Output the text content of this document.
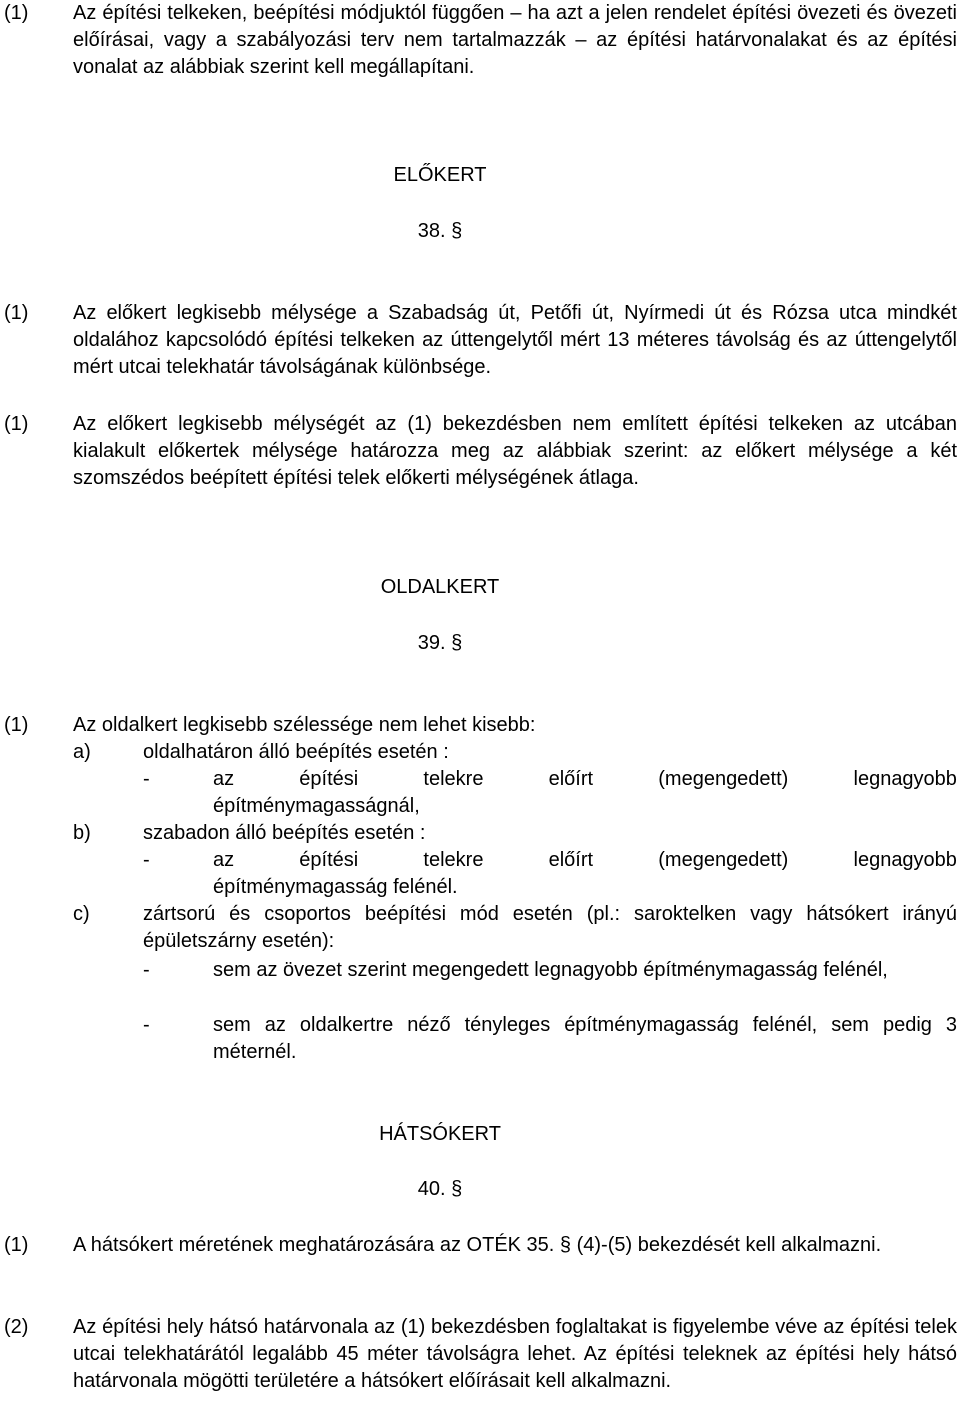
(1)	Az építési telkeken, beépítési módjuktól függően – ha azt a jelen rendelet építési övezeti és övezeti előírásai, vagy a szabályozási terv nem tartalmazzák – az építési határvonalakat és az építési vonalat az alábbiak szerint kell megállapítani.
ELŐKERT
38. §
(1)	Az előkert legkisebb mélysége a Szabadság út, Petőfi út, Nyírmedi út és Rózsa utca mindkét oldalához kapcsolódó építési telkeken az úttengelytől mért 13 méteres távolság és az úttengelytől mért utcai telekhatár távolságának különbsége.
(1)	Az előkert legkisebb mélységét az (1) bekezdésben nem említett építési telkeken az utcában kialakult előkertek mélysége határozza meg az alábbiak szerint: az előkert mélysége a két szomszédos beépített építési telek előkerti mélységének átlaga.
OLDALKERT
39. §
(1)	Az oldalkert legkisebb szélessége nem lehet kisebb:
a)	oldalhatáron álló beépítés esetén :
-	az	építési	telekre	előírt	(megengedett)	legnagyobb
építménymagasságnál,
b)	szabadon álló beépítés esetén :
-	az	építési	telekre	előírt	(megengedett)	legnagyobb
építménymagasság felénél.
c)	zártsorú és csoportos beépítési mód esetén (pl.: saroktelken vagy hátsókert irányú épületszárny esetén):
-	sem az övezet szerint megengedett legnagyobb építménymagasság felénél,
-	sem az oldalkertre néző tényleges építménymagasság felénél, sem pedig 3 méternél.
HÁTSÓKERT
40. §
(1)	A hátsókert méretének meghatározására az OTÉK 35. § (4)-(5) bekezdését kell alkalmazni.
(2)	Az építési hely hátsó határvonala az (1) bekezdésben foglaltakat is figyelembe véve az építési telek utcai telekhatárától legalább 45 méter távolságra lehet. Az építési teleknek az építési hely hátsó határvonala mögötti területére a hátsókert előírásait kell alkalmazni.
